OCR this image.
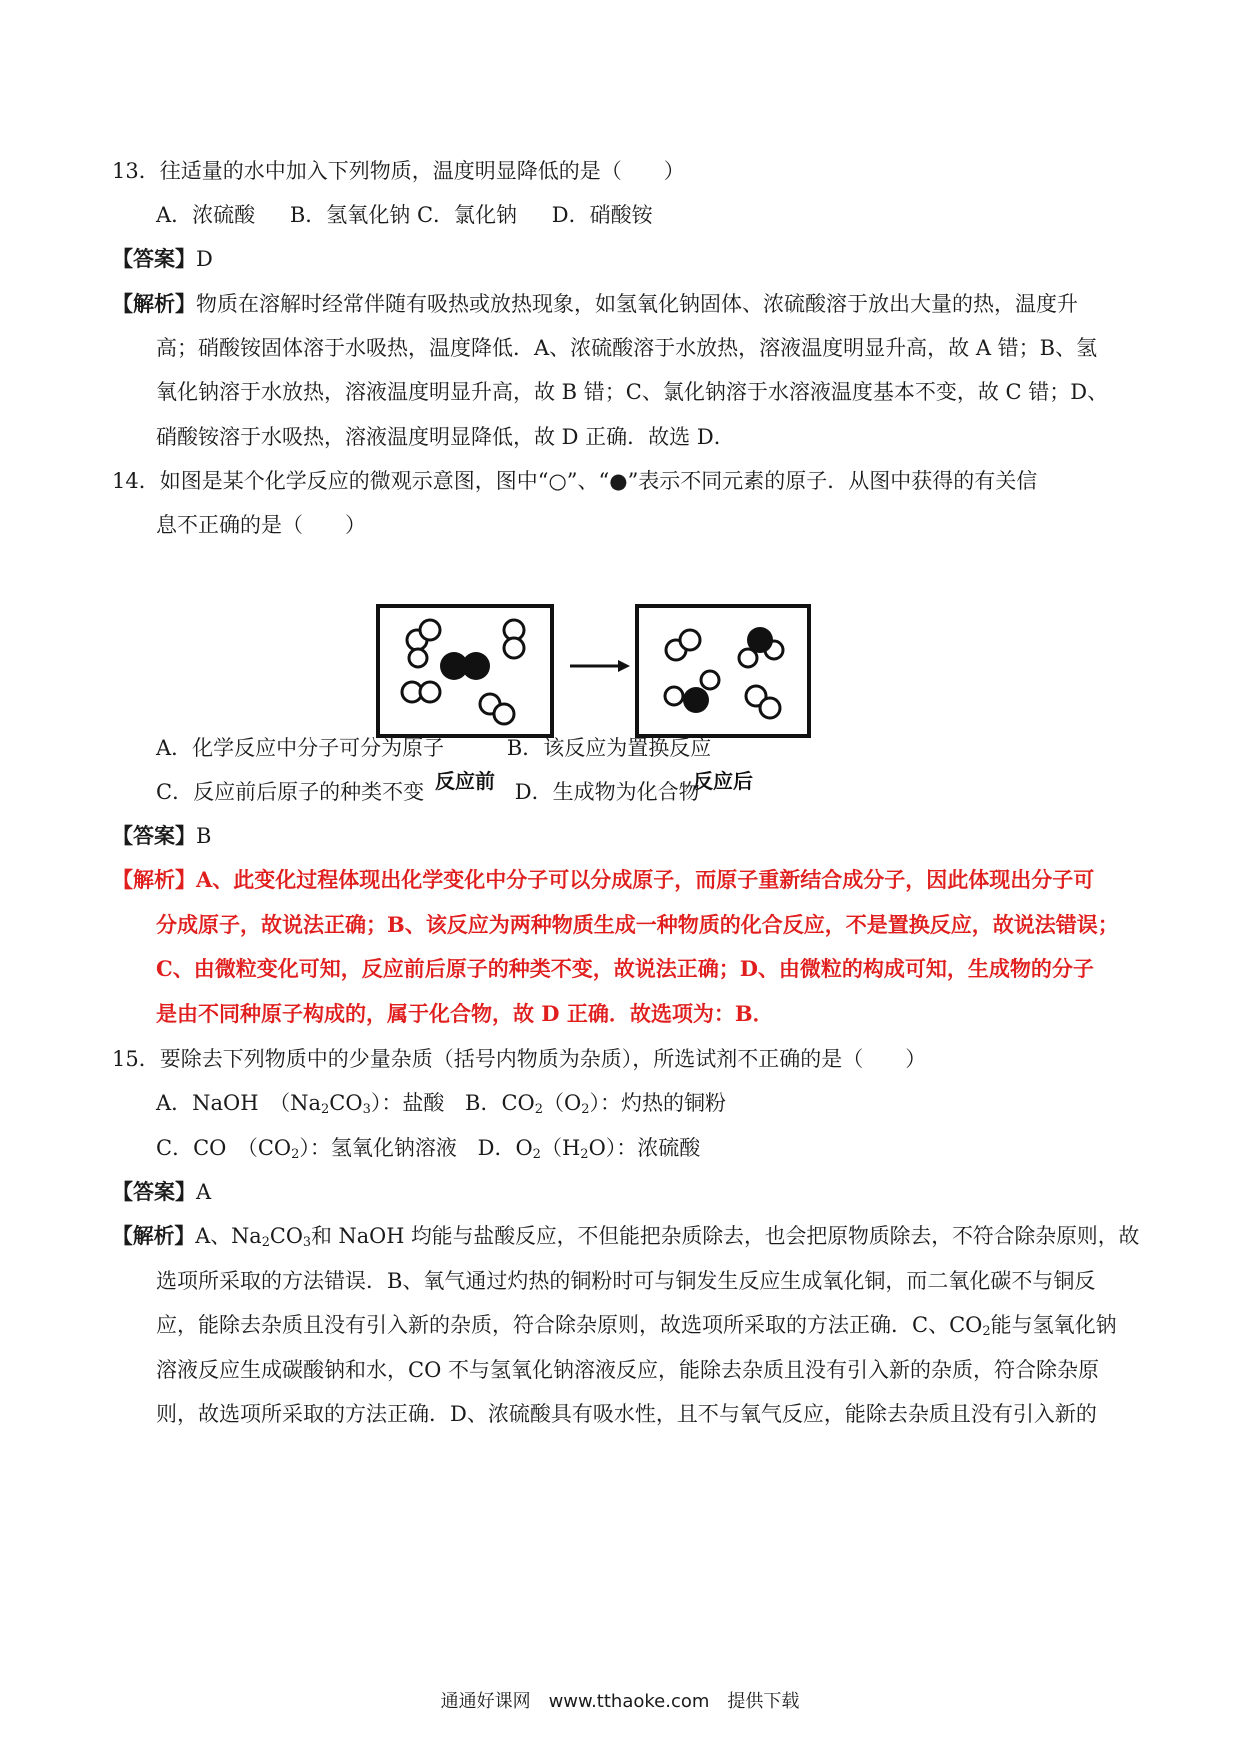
13．往适量的水中加入下列物质，温度明显降低的是（　　）
A．浓硫酸 B．氢氧化钠 C．氯化钠 D．硝酸铵
【答案】D
【解析】物质在溶解时经常伴随有吸热或放热现象，如氢氧化钠固体、浓硫酸溶于放出大量的热，温度升
高；硝酸铵固体溶于水吸热，温度降低．A、浓硫酸溶于水放热，溶液温度明显升高，故 A 错；B、氢
氧化钠溶于水放热，溶液温度明显升高，故 B 错；C、氯化钠溶于水溶液温度基本不变，故 C 错；D、
硝酸铵溶于水吸热，溶液温度明显降低，故 D 正确．故选 D．
14．如图是某个化学反应的微观示意图，图中“○”、“●”表示不同元素的原子．从图中获得的有关信
息不正确的是（　　）
反应前	反应后
A．化学反应中分子可分为原子	B．该反应为置换反应
C．反应前后原子的种类不变	D．生成物为化合物
【答案】B
【解析】A、此变化过程体现出化学变化中分子可以分成原子，而原子重新结合成分子，因此体现出分子可
分成原子，故说法正确；B、该反应为两种物质生成一种物质的化合反应，不是置换反应，故说法错误；
C、由微粒变化可知，反应前后原子的种类不变，故说法正确；D、由微粒的构成可知，生成物的分子
是由不同种原子构成的，属于化合物，故 D 正确．故选项为：B．
15．要除去下列物质中的少量杂质（括号内物质为杂质），所选试剂不正确的是（　　）
A．NaOH　$(Na_2CO_3)$：盐酸 B．$CO_2(O_2)$：灼热的铜粉
C．CO　$(CO_2)$：氢氧化钠溶液 D．$O_2(H_2O)$：浓硫酸
【答案】A
【解析】A、$Na_2CO_3$和 NaOH 均能与盐酸反应，不但能把杂质除去，也会把原物质除去，不符合除杂原则，故
选项所采取的方法错误．B、氧气通过灼热的铜粉时可与铜发生反应生成氧化铜，而二氧化碳不与铜反
应，能除去杂质且没有引入新的杂质，符合除杂原则，故选项所采取的方法正确．C、$CO_2$能与氢氧化钠
溶液反应生成碳酸钠和水，CO 不与氢氧化钠溶液反应，能除去杂质且没有引入新的杂质，符合除杂原
则，故选项所采取的方法正确．D、浓硫酸具有吸水性，且不与氧气反应，能除去杂质且没有引入新的
通通好课网　www.tthaoke.com　提供下载
